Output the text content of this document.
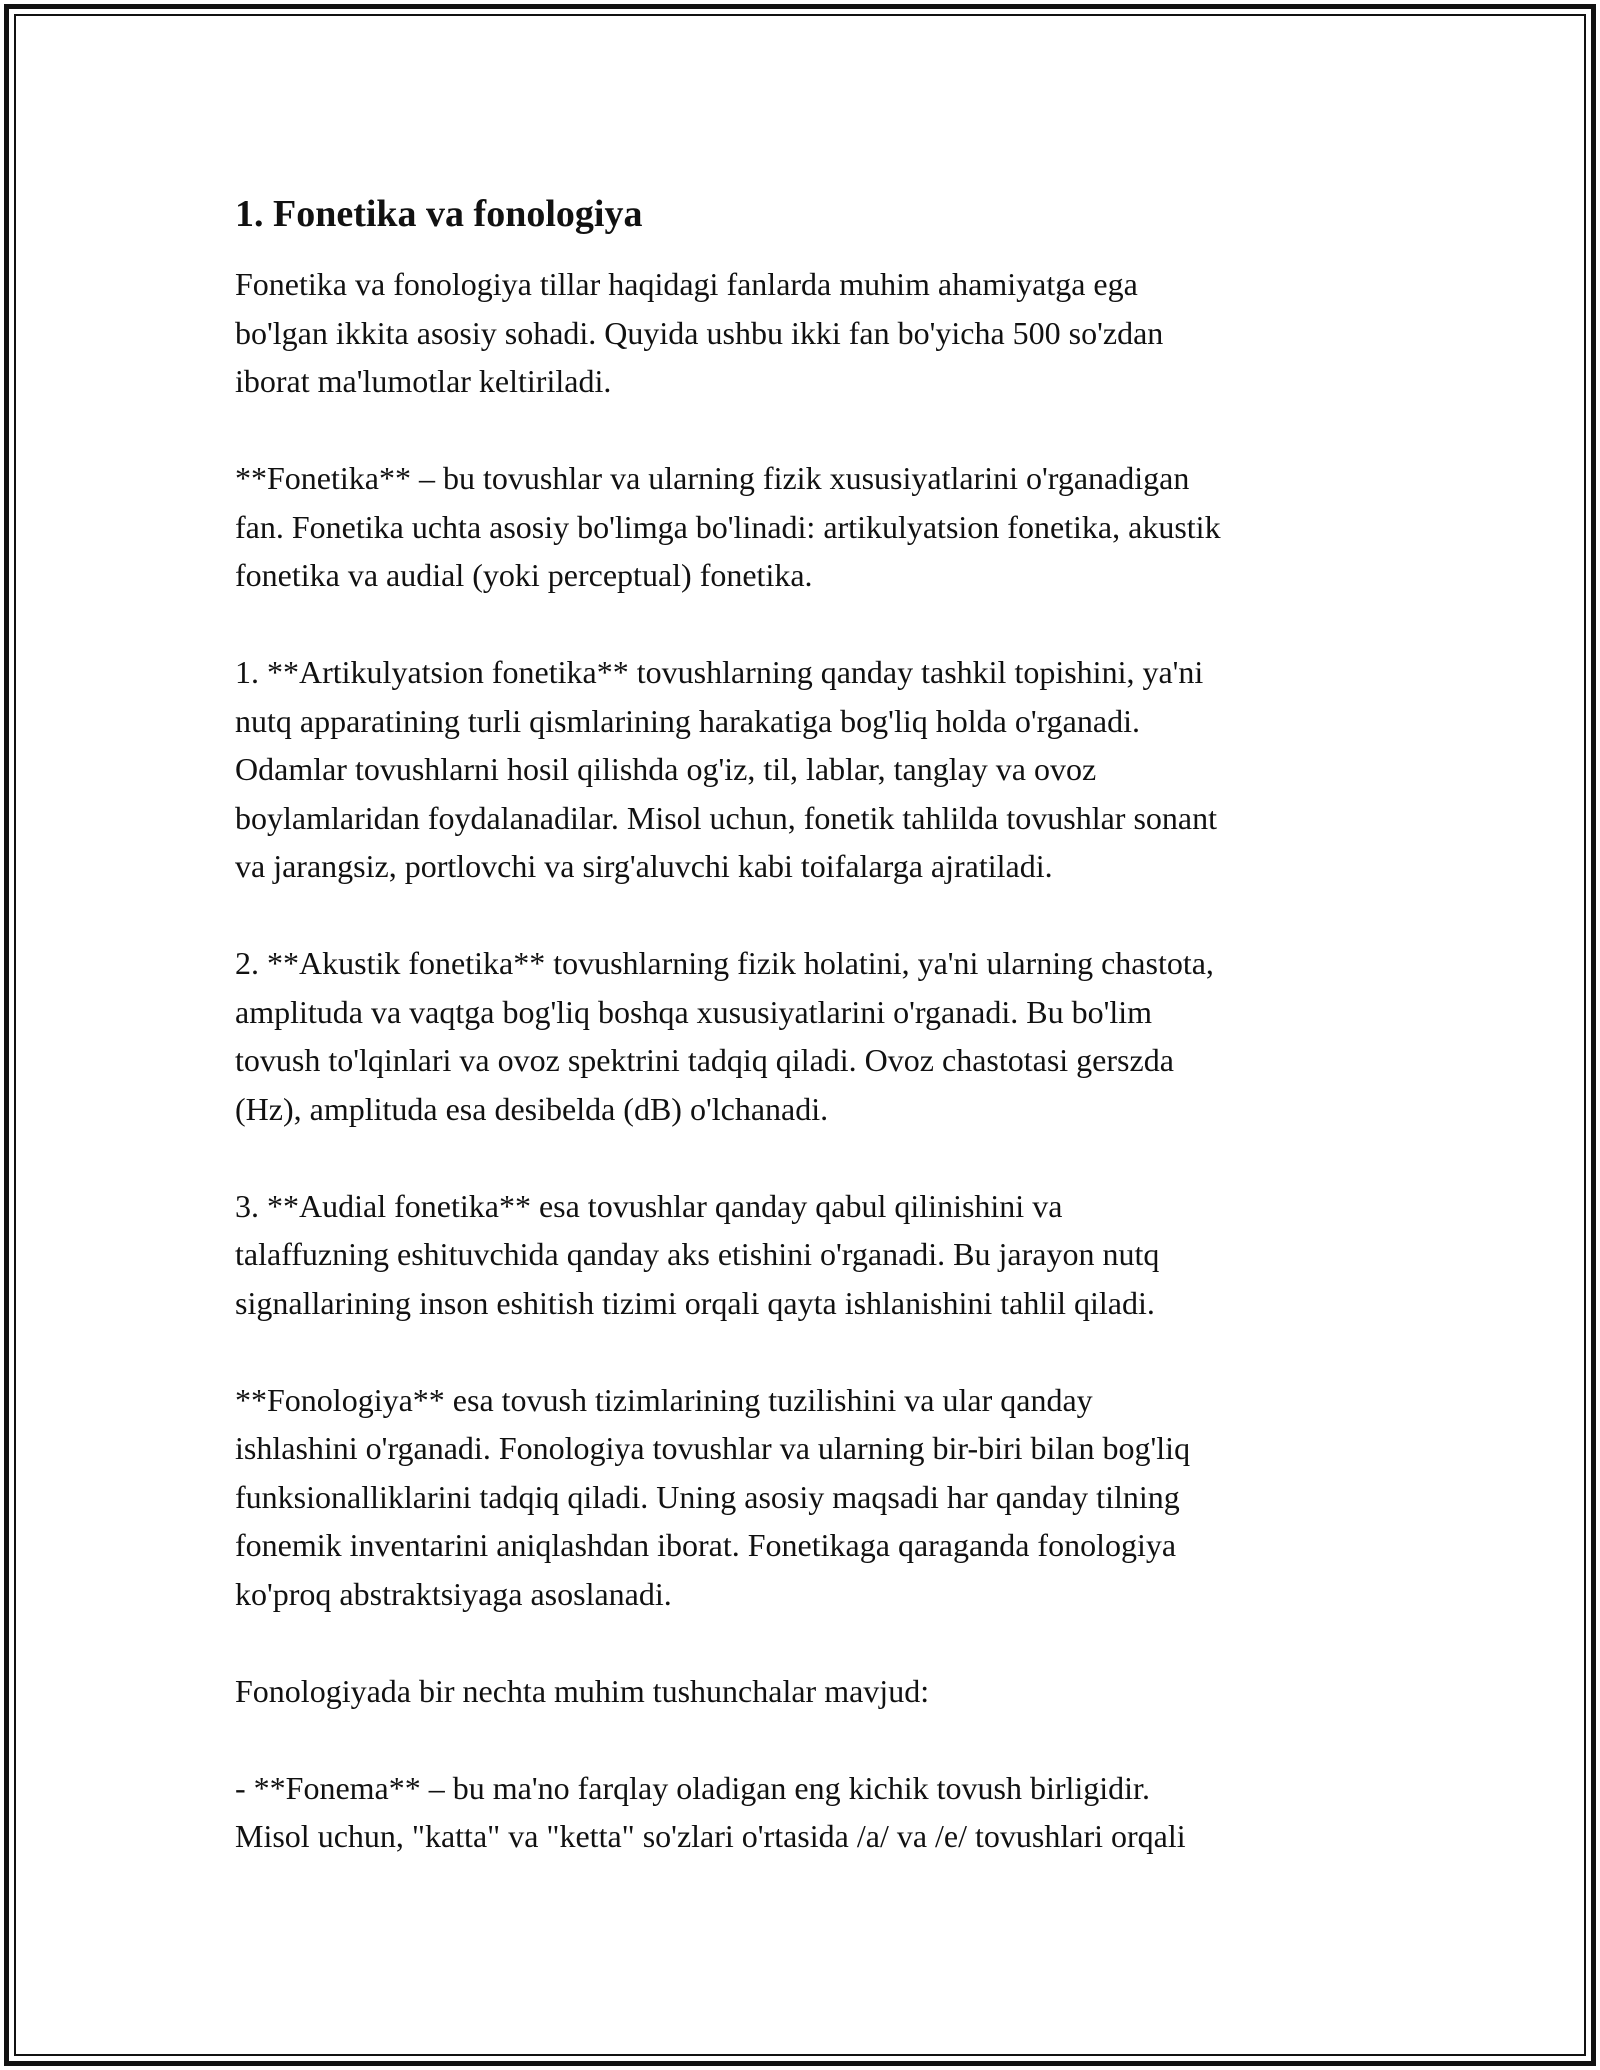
1. Fonetika va fonologiya

Fonetika va fonologiya tillar haqidagi fanlarda muhim ahamiyatga ega
bo'lgan ikkita asosiy sohadi. Quyida ushbu ikki fan bo'yicha 500 so'zdan
iborat ma'lumotlar keltiriladi.

**Fonetika** – bu tovushlar va ularning fizik xususiyatlarini o'rganadigan
fan. Fonetika uchta asosiy bo'limga bo'linadi: artikulyatsion fonetika, akustik
fonetika va audial (yoki perceptual) fonetika.

1. **Artikulyatsion fonetika** tovushlarning qanday tashkil topishini, ya'ni
nutq apparatining turli qismlarining harakatiga bog'liq holda o'rganadi.
Odamlar tovushlarni hosil qilishda og'iz, til, lablar, tanglay va ovoz
boylamlaridan foydalanadilar. Misol uchun, fonetik tahlilda tovushlar sonant
va jarangsiz, portlovchi va sirg'aluvchi kabi toifalarga ajratiladi.

2. **Akustik fonetika** tovushlarning fizik holatini, ya'ni ularning chastota,
amplituda va vaqtga bog'liq boshqa xususiyatlarini o'rganadi. Bu bo'lim
tovush to'lqinlari va ovoz spektrini tadqiq qiladi. Ovoz chastotasi gerszda
(Hz), amplituda esa desibelda (dB) o'lchanadi.

3. **Audial fonetika** esa tovushlar qanday qabul qilinishini va
talaffuzning eshituvchida qanday aks etishini o'rganadi. Bu jarayon nutq
signallarining inson eshitish tizimi orqali qayta ishlanishini tahlil qiladi.

**Fonologiya** esa tovush tizimlarining tuzilishini va ular qanday
ishlashini o'rganadi. Fonologiya tovushlar va ularning bir-biri bilan bog'liq
funksionalliklarini tadqiq qiladi. Uning asosiy maqsadi har qanday tilning
fonemik inventarini aniqlashdan iborat. Fonetikaga qaraganda fonologiya
ko'proq abstraktsiyaga asoslanadi.

Fonologiyada bir nechta muhim tushunchalar mavjud:

- **Fonema** – bu ma'no farqlay oladigan eng kichik tovush birligidir.
Misol uchun, "katta" va "ketta" so'zlari o'rtasida /a/ va /e/ tovushlari orqali
